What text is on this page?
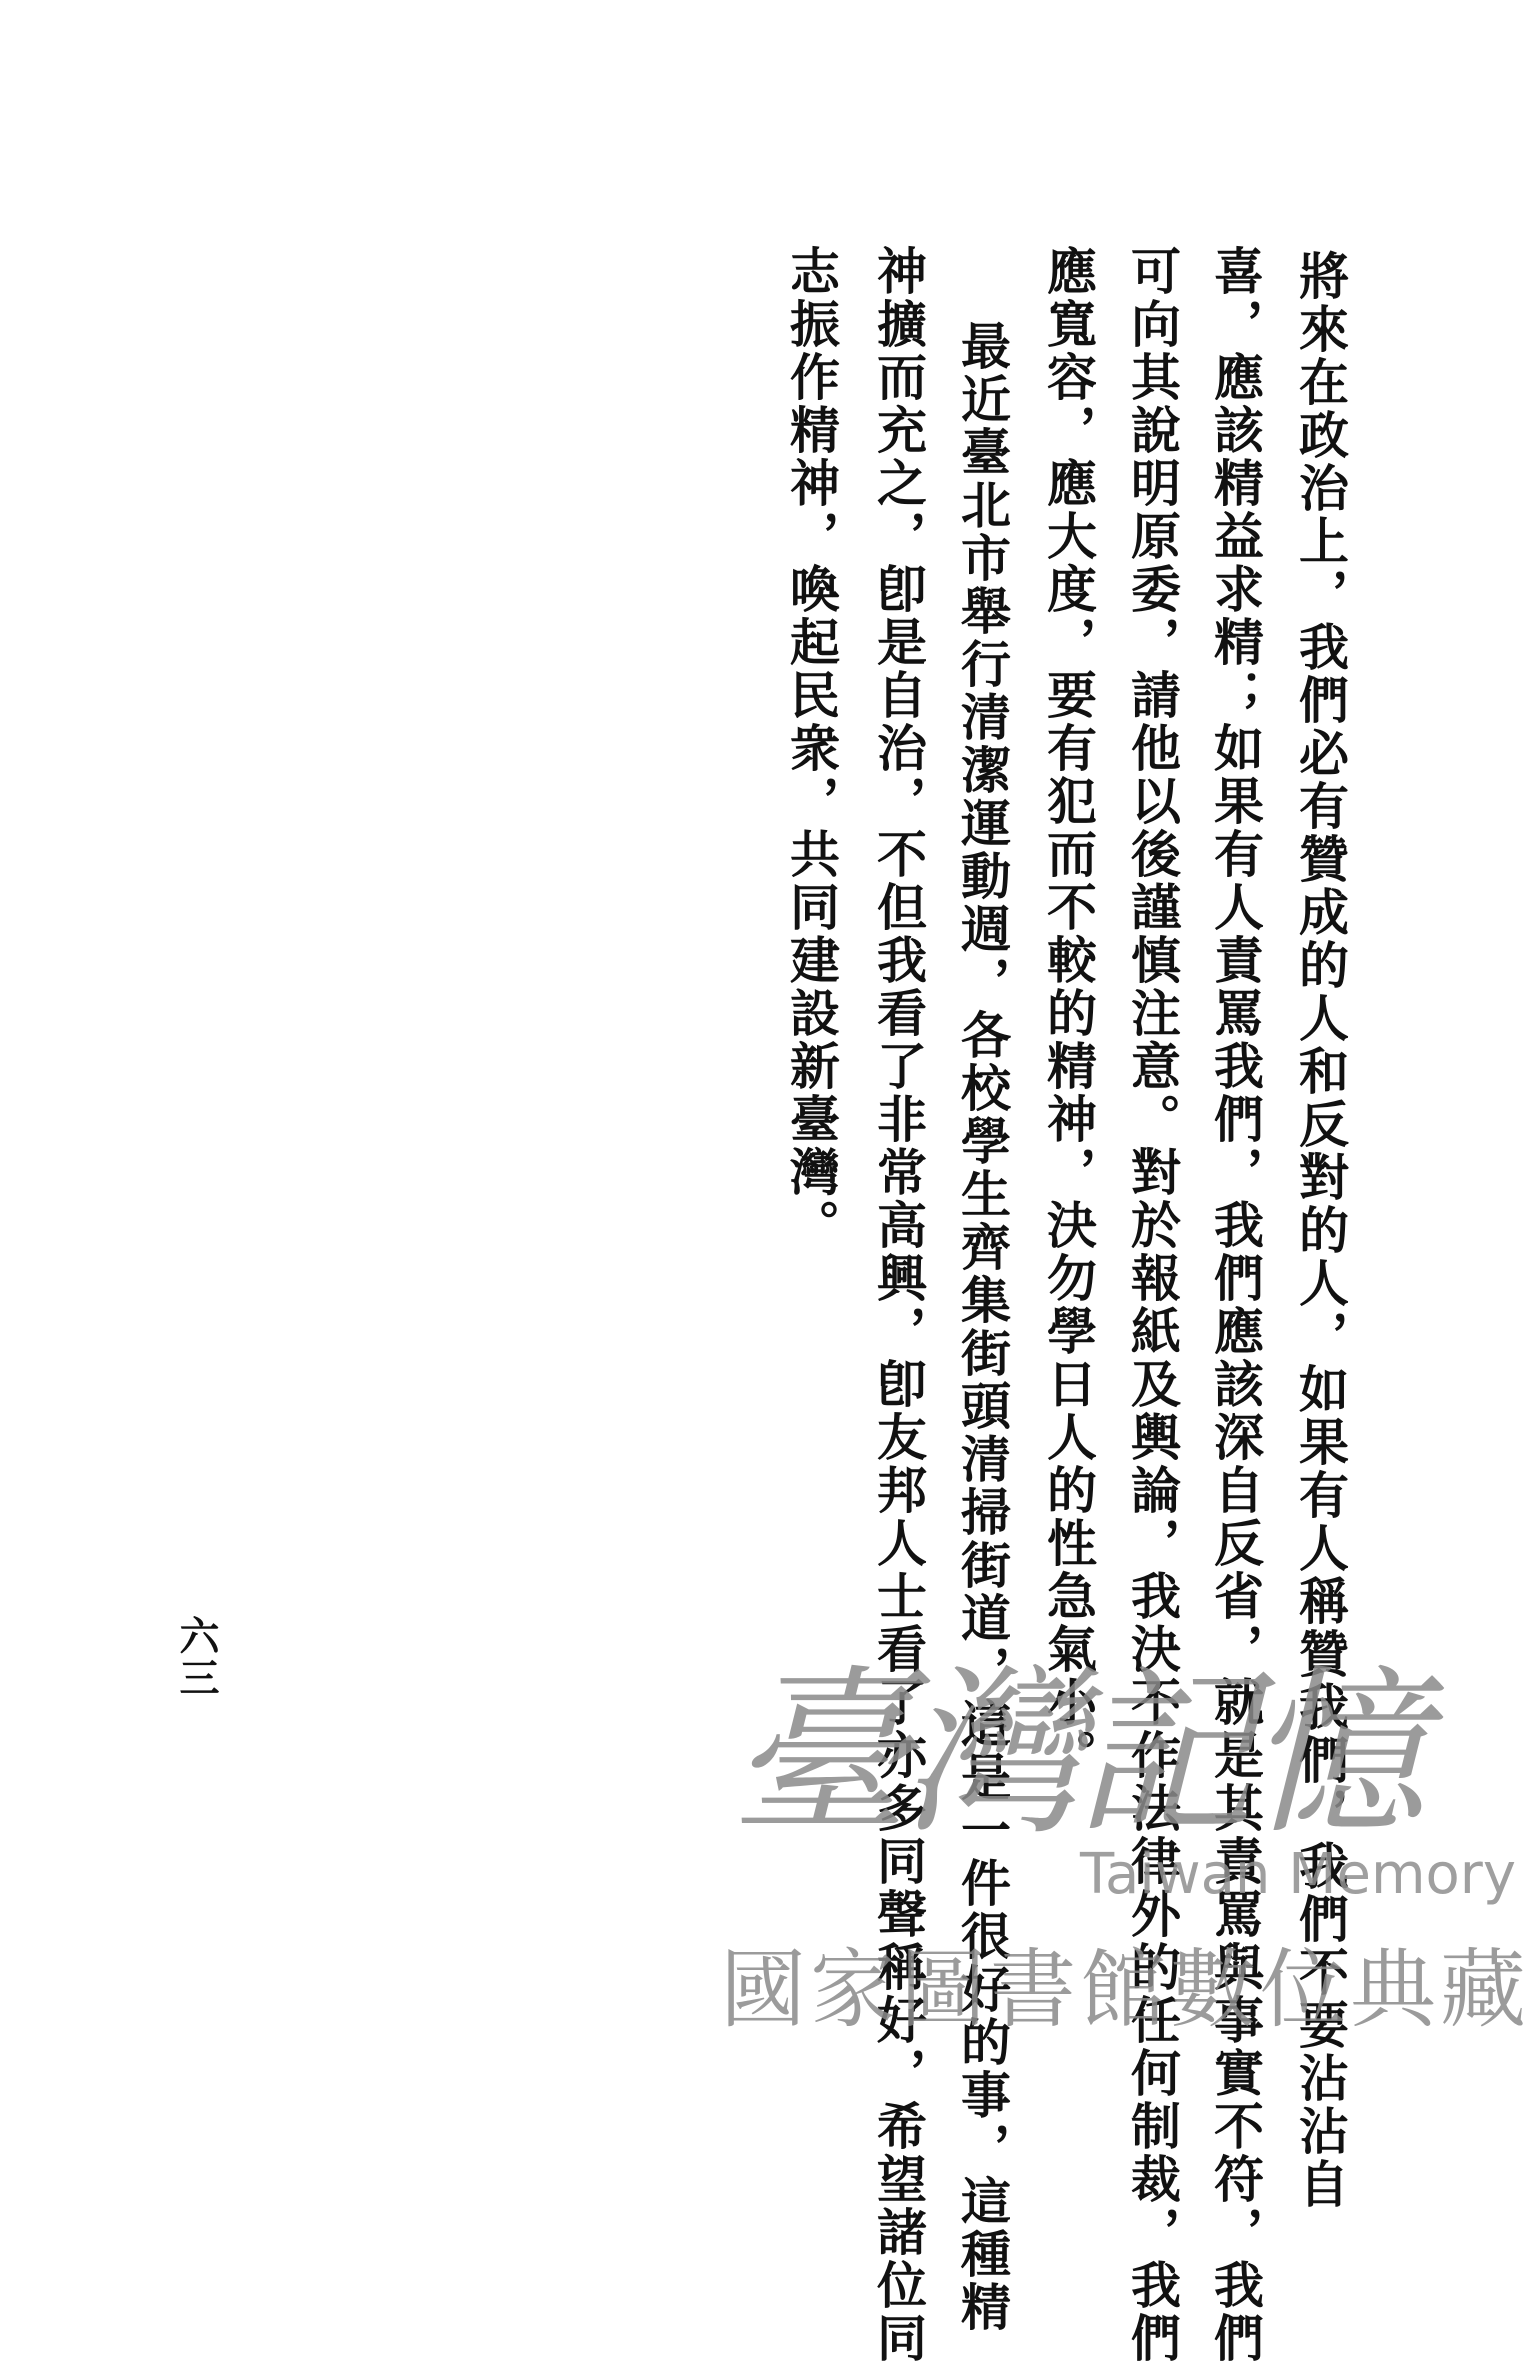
將來在政治上，我們必有贊成的人和反對的人，如果有人稱贊我們，我們不要沾沾自
喜，應該精益求精；如果有人責罵我們，我們應該深自反省，就是其責罵與事實不符，我們
可向其說明原委，請他以後謹慎注意。對於報紙及輿論，我決不作法律外的任何制裁，我們
應寬容，應大度，要有犯而不較的精神，決勿學日人的性急氣小。
最近臺北市舉行清潔運動週，各校學生齊集街頭清掃街道，這是一件很好的事，這種精
神擴而充之，卽是自治，不但我看了非常高興，卽友邦人士看了亦多同聲稱好，希望諸位同
志振作精神，喚起民衆，共同建設新臺灣。
六三	臺灣記憶
Taiwan Memory
國家圖書館數位典藏
